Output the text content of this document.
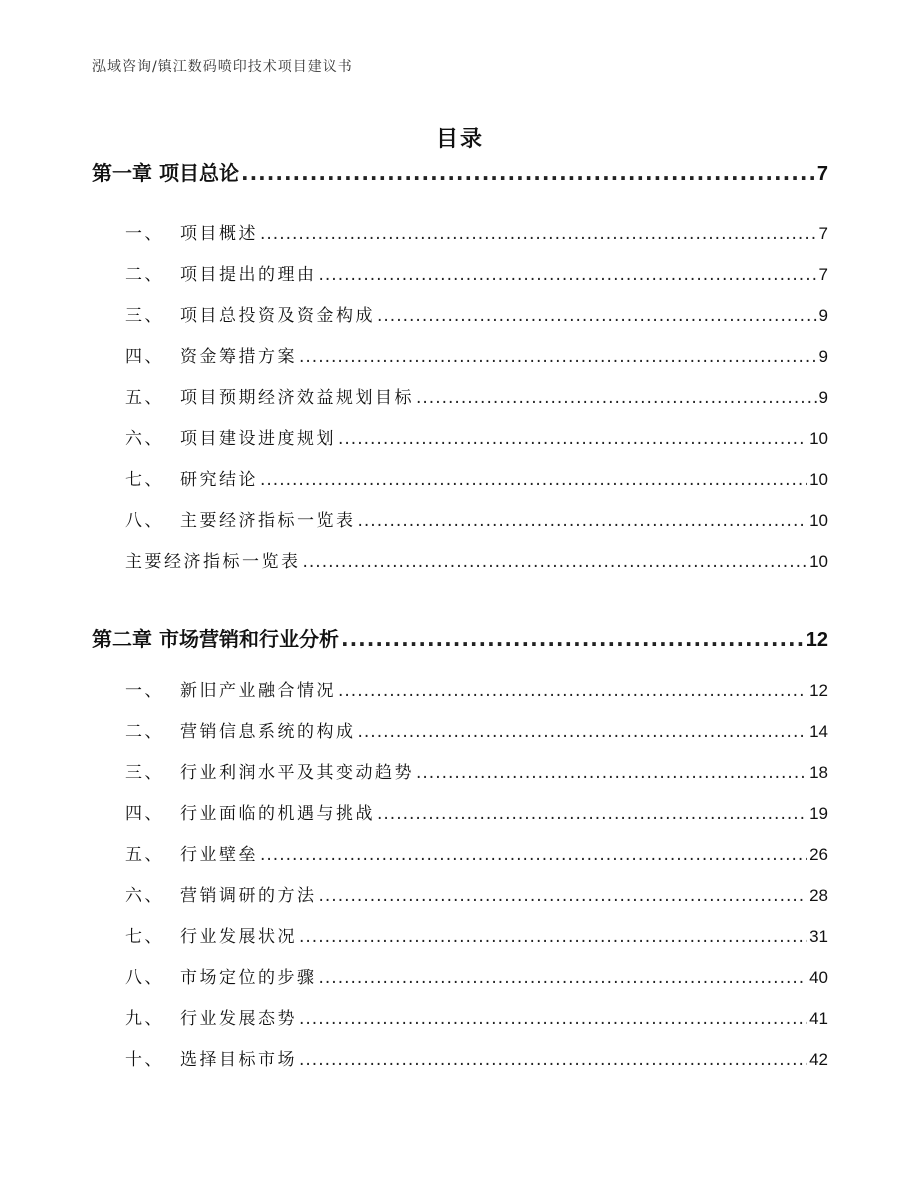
泓域咨询/镇江数码喷印技术项目建议书
目录
第一章 项目总论 .....	7
一、 项目概述 .....	7
二、 项目提出的理由 .....	7
三、 项目总投资及资金构成 .....	9
四、 资金筹措方案 .....	9
五、 项目预期经济效益规划目标 .....	9
六、 项目建设进度规划 .....	10
七、 研究结论 .....	10
八、 主要经济指标一览表 .....	10
主要经济指标一览表 .....	10
第二章 市场营销和行业分析 .....	12
一、 新旧产业融合情况 .....	12
二、 营销信息系统的构成 .....	14
三、 行业利润水平及其变动趋势 .....	18
四、 行业面临的机遇与挑战 .....	19
五、 行业壁垒 .....	26
六、 营销调研的方法 .....	28
七、 行业发展状况 .....	31
八、 市场定位的步骤 .....	40
九、 行业发展态势 .....	41
十、 选择目标市场 .....	42
